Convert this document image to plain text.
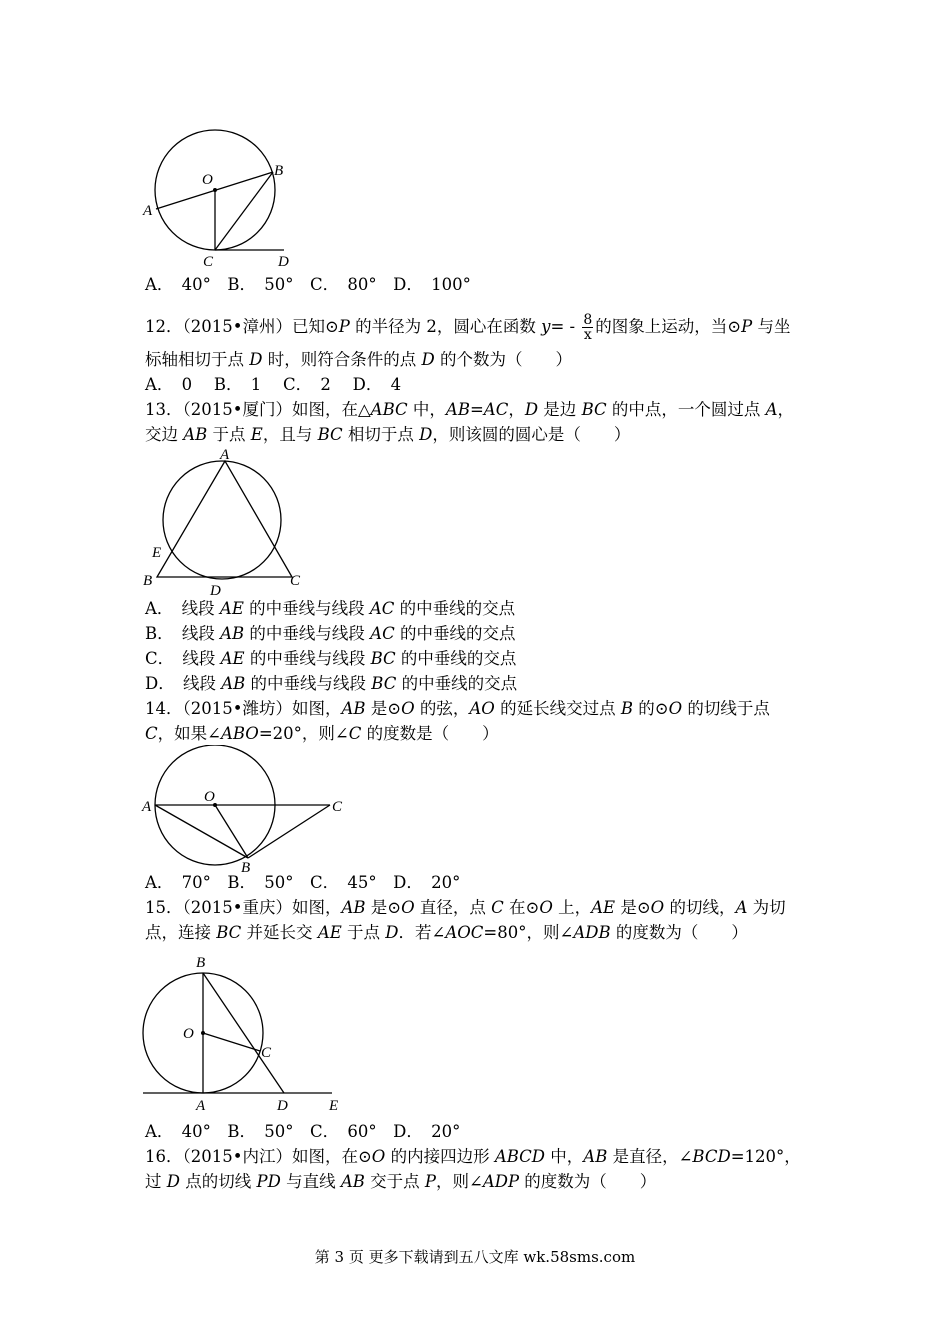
O
B
A
C	D
A．　40°　B．　50°　C．　80°　D．　100°
12．（2015•漳州）已知⊙P 的半径为 2，圆心在函数 $y= - \frac{8}{x}$ 的图象上运动，当⊙P 与坐
标轴相切于点 D 时，则符合条件的点 D 的个数为（　　）
A．　0　 B．　1　 C．　2　 D．　4
13．（2015•厦门）如图，在△ABC 中，AB=AC，D 是边 BC 的中点，一个圆过点 A，
交边 AB 于点 E，且与 BC 相切于点 D，则该圆的圆心是（　　）
A
E
B
D
C
A．　线段 AE 的中垂线与线段 AC 的中垂线的交点
B．　线段 AB 的中垂线与线段 AC 的中垂线的交点
C．　线段 AE 的中垂线与线段 BC 的中垂线的交点
D．　线段 AB 的中垂线与线段 BC 的中垂线的交点
14．（2015•潍坊）如图，AB 是⊙O 的弦，AO 的延长线交过点 B 的⊙O 的切线于点
C，如果∠ABO=20°，则∠C 的度数是（　　）
A
O
C
B
A．　70°　B．　50°　C．　45°　D．　20°
15．（2015•重庆）如图，AB 是⊙O 直径，点 C 在⊙O 上，AE 是⊙O 的切线，A 为切
点，连接 BC 并延长交 AE 于点 D．若∠AOC=80°，则∠ADB 的度数为（　　）
B
O
C
A	D	E
A．　40°　B．　50°　C．　60°　D．　20°
16．（2015•内江）如图，在⊙O 的内接四边形 ABCD 中，AB 是直径，∠BCD=120°，
过 D 点的切线 PD 与直线 AB 交于点 P，则∠ADP 的度数为（　　）
第 3 页 更多下载请到五八文库 wk.58sms.com
